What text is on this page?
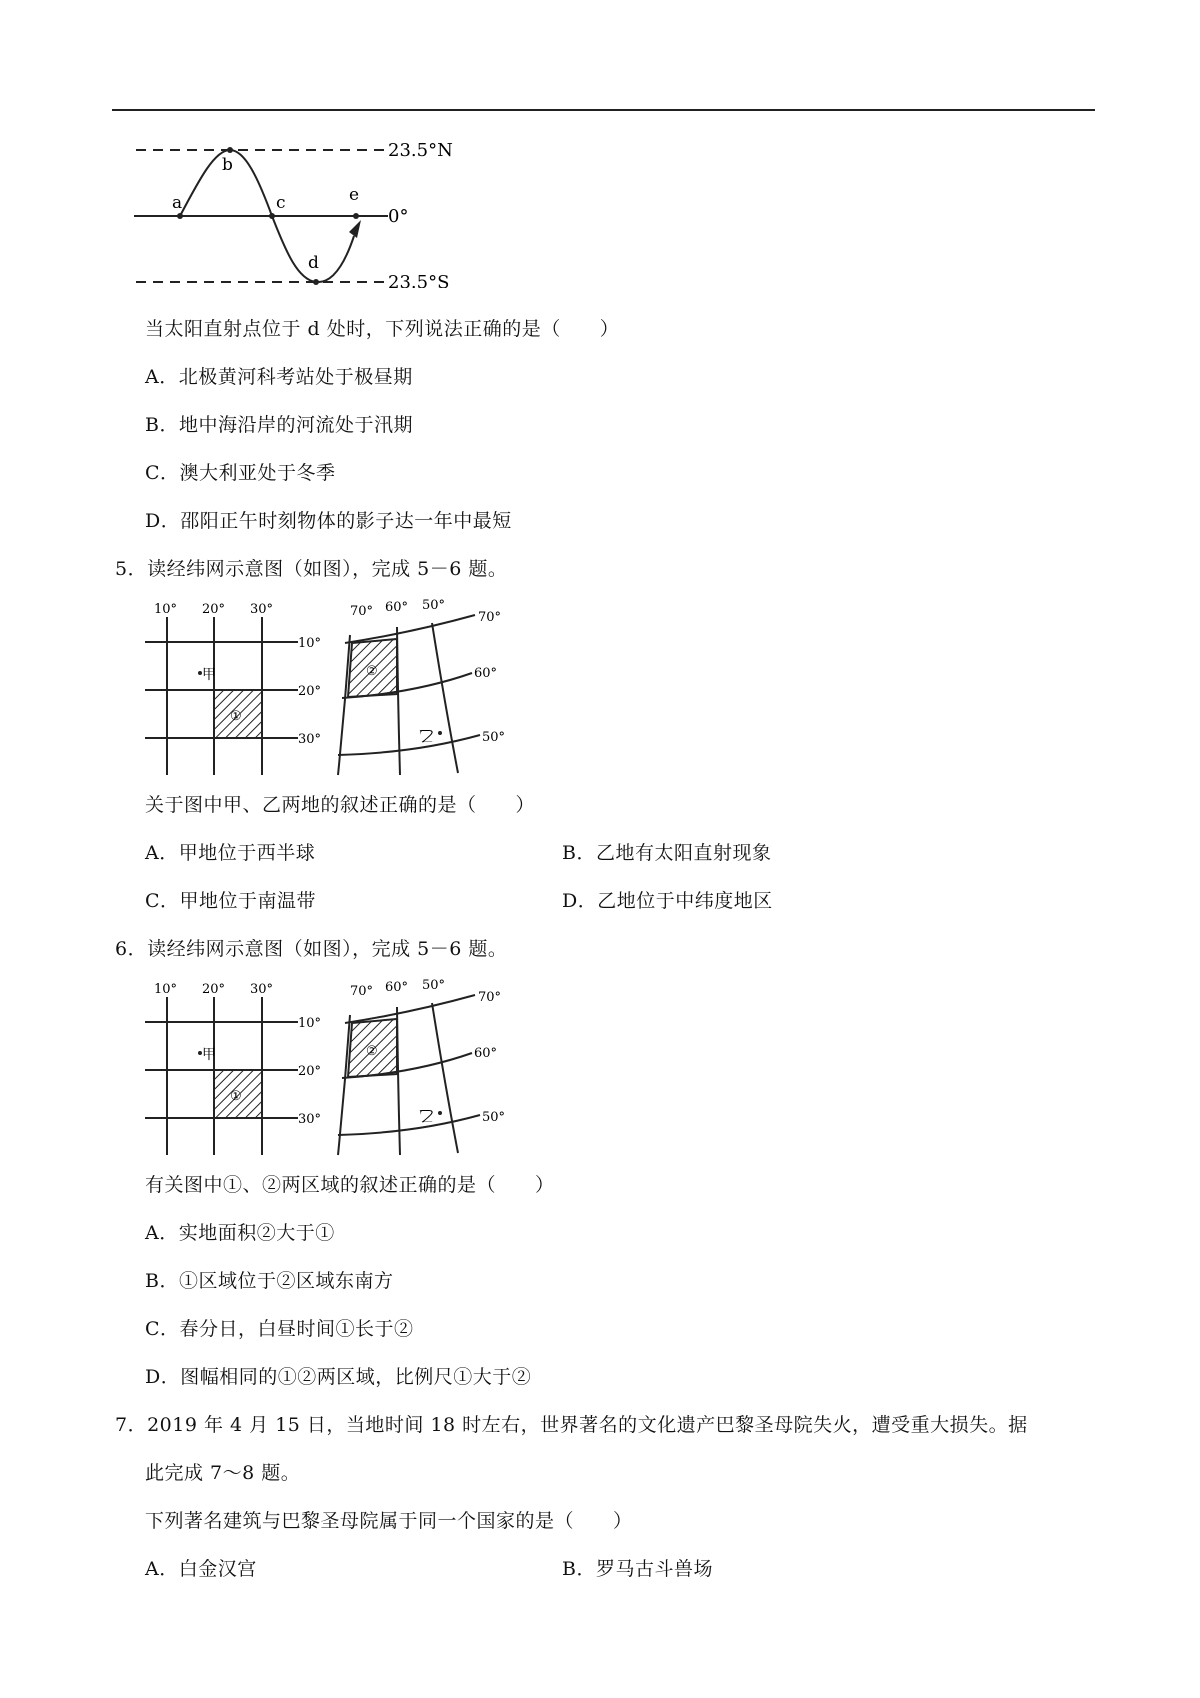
a
b
c
d
e
23.5°N
0°
23.5°S
当太阳直射点位于 d 处时，下列说法正确的是（　　）
A．北极黄河科考站处于极昼期
B．地中海沿岸的河流处于汛期
C．澳大利亚处于冬季
D．邵阳正午时刻物体的影子达一年中最短
5．读经纬网示意图（如图），完成 5－6 题。
①
10° 20° 30°
10°
20°
30°
甲	②
70° 60° 50°
70°
60°
50°
乙
关于图中甲、乙两地的叙述正确的是（　　）
A．甲地位于西半球	B．乙地有太阳直射现象
C．甲地位于南温带	D．乙地位于中纬度地区
6．读经纬网示意图（如图），完成 5－6 题。
①
10° 20° 30°
10°
20°
30°
甲	②
70° 60° 50°
70°
60°
50°
乙
有关图中①、②两区域的叙述正确的是（　　）
A．实地面积②大于①
B．①区域位于②区域东南方
C．春分日，白昼时间①长于②
D．图幅相同的①②两区域，比例尺①大于②
7．2019 年 4 月 15 日，当地时间 18 时左右，世界著名的文化遗产巴黎圣母院失火，遭受重大损失。据
此完成 7～8 题。
下列著名建筑与巴黎圣母院属于同一个国家的是（　　）
A．白金汉宫	B．罗马古斗兽场
